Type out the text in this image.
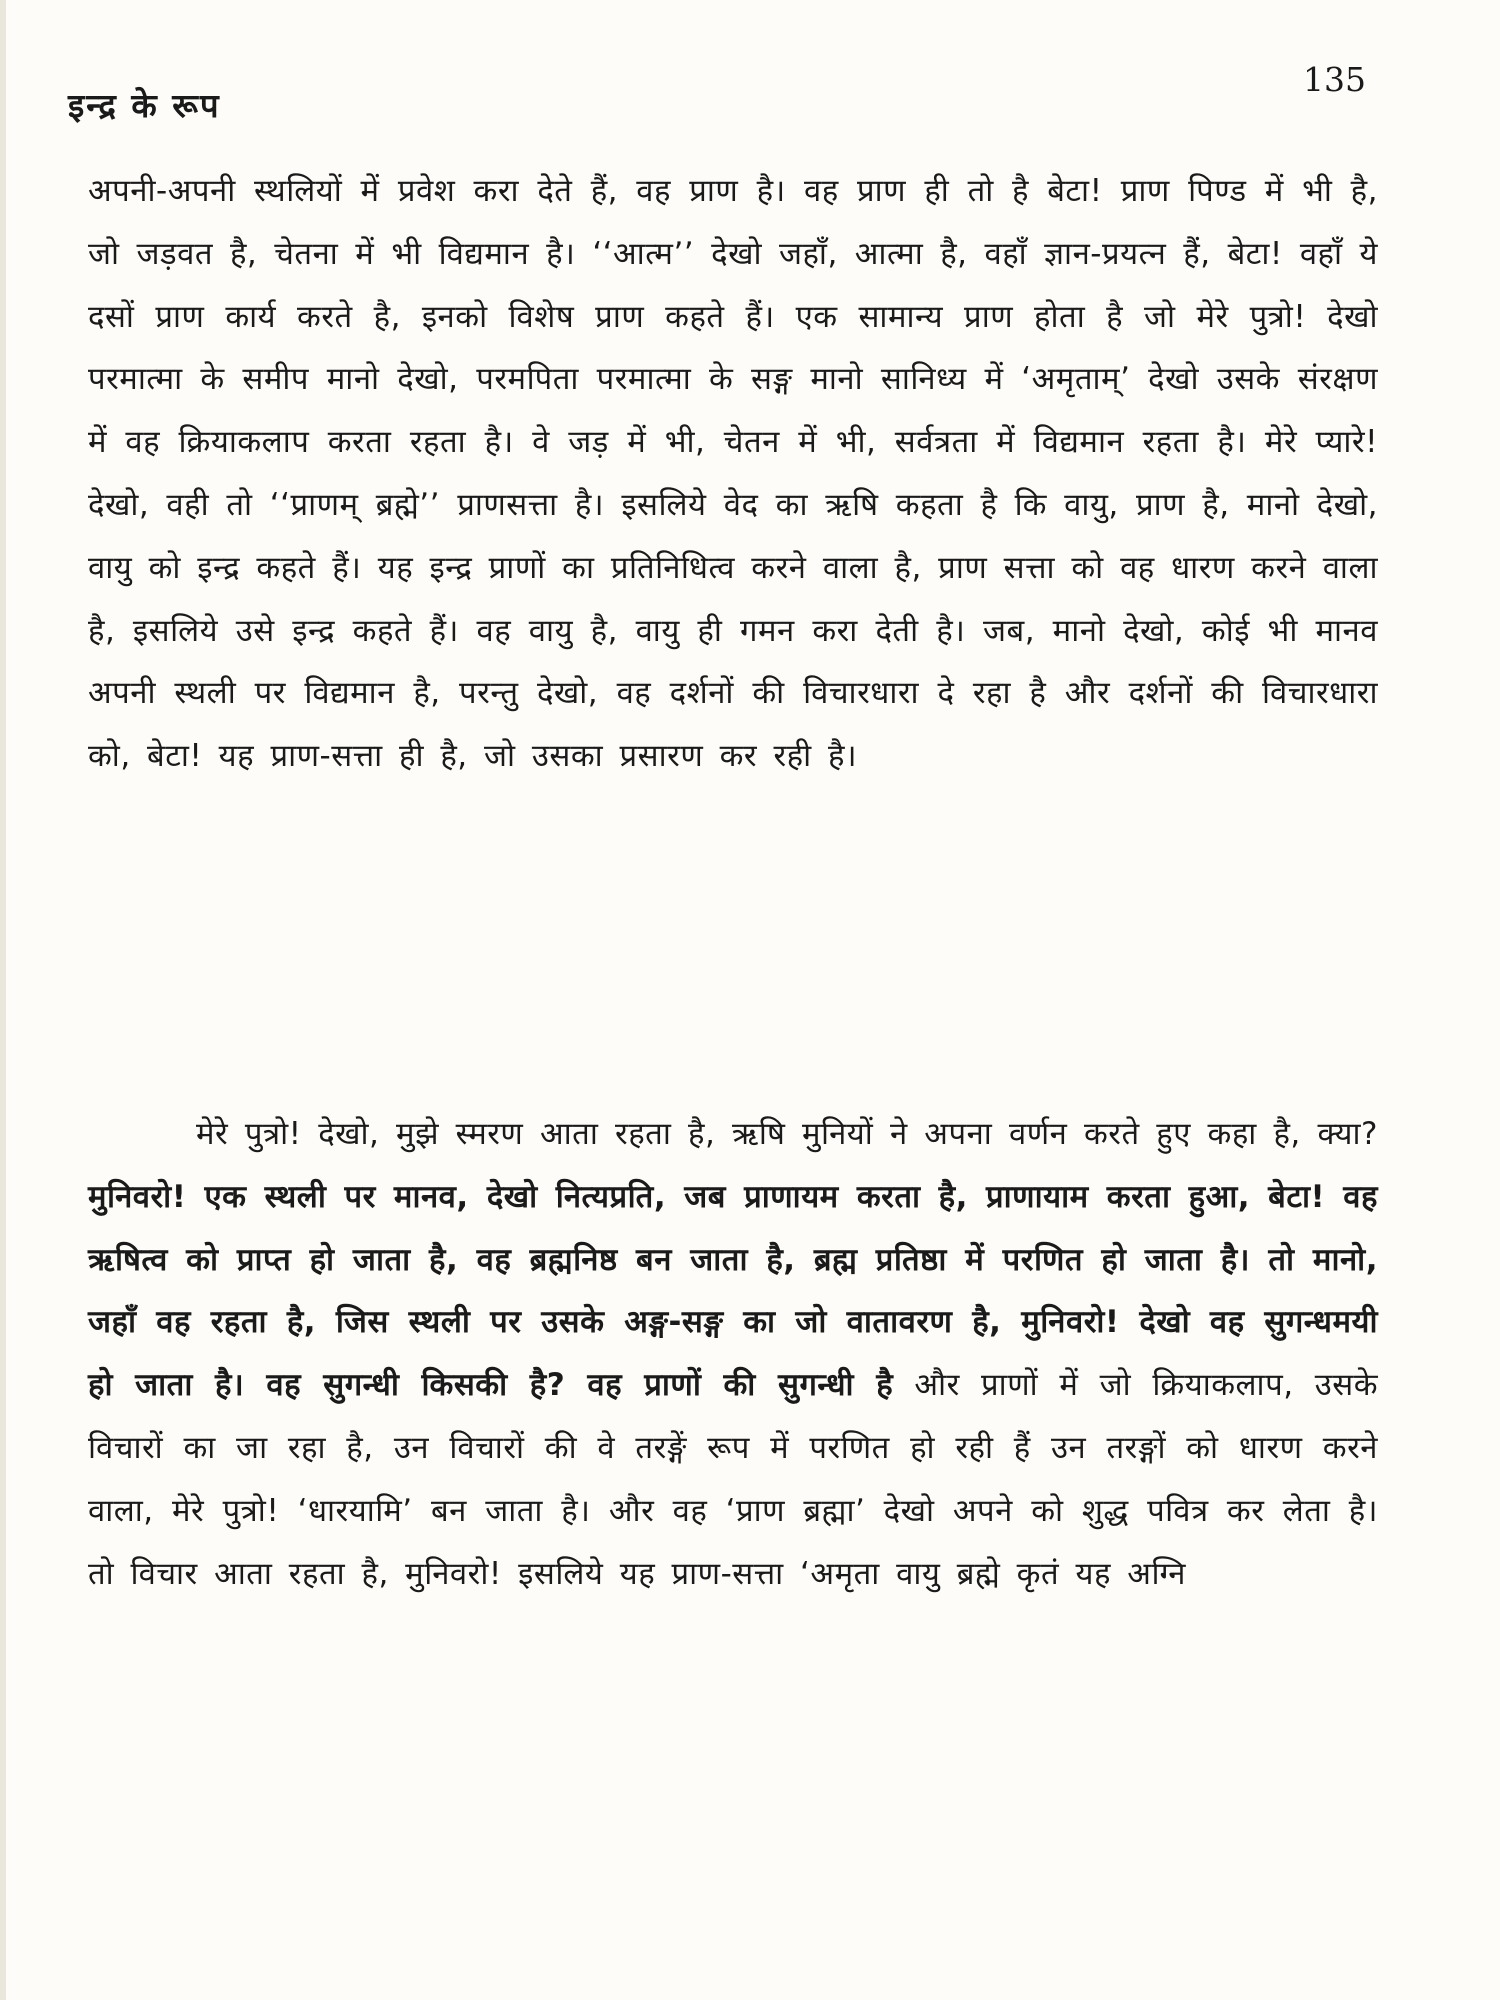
इन्द्र के रूप
135

अपनी-अपनी स्थलियों में प्रवेश करा देते हैं, वह प्राण है। वह प्राण ही तो है बेटा! प्राण पिण्ड में भी है, जो जड़वत है, चेतना में भी विद्यमान है। ‘‘आत्म’’ देखो जहाँ, आत्मा है, वहाँ ज्ञान-प्रयत्न हैं, बेटा! वहाँ ये दसों प्राण कार्य करते है, इनको विशेष प्राण कहते हैं। एक सामान्य प्राण होता है जो मेरे पुत्रो! देखो परमात्मा के समीप मानो देखो, परमपिता परमात्मा के सङ्ग मानो सानिध्य में ‘अमृताम्’ देखो उसके संरक्षण में वह क्रियाकलाप करता रहता है। वे जड़ में भी, चेतन में भी, सर्वत्रता में विद्यमान रहता है। मेरे प्यारे! देखो, वही तो ‘‘प्राणम् ब्रह्मे’’ प्राणसत्ता है। इसलिये वेद का ऋषि कहता है कि वायु, प्राण है, मानो देखो, वायु को इन्द्र कहते हैं। यह इन्द्र प्राणों का प्रतिनिधित्व करने वाला है, प्राण सत्ता को वह धारण करने वाला है, इसलिये उसे इन्द्र कहते हैं। वह वायु है, वायु ही गमन करा देती है। जब, मानो देखो, कोई भी मानव अपनी स्थली पर विद्यमान है, परन्तु देखो, वह दर्शनों की विचारधारा दे रहा है और दर्शनों की विचारधारा को, बेटा! यह प्राण-सत्ता ही है, जो उसका प्रसारण कर रही है।

मेरे पुत्रो! देखो, मुझे स्मरण आता रहता है, ऋषि मुनियों ने अपना वर्णन करते हुए कहा है, क्या? मुनिवरो! एक स्थली पर मानव, देखो नित्यप्रति, जब प्राणायम करता है, प्राणायाम करता हुआ, बेटा! वह ऋषित्व को प्राप्त हो जाता है, वह ब्रह्मनिष्ठ बन जाता है, ब्रह्म प्रतिष्ठा में परणित हो जाता है। तो मानो, जहाँ वह रहता है, जिस स्थली पर उसके अङ्ग-सङ्ग का जो वातावरण है, मुनिवरो! देखो वह सुगन्धमयी हो जाता है। वह सुगन्धी किसकी है? वह प्राणों की सुगन्धी है और प्राणों में जो क्रियाकलाप, उसके विचारों का जा रहा है, उन विचारों की वे तरङ्गें रूप में परणित हो रही हैं उन तरङ्गों को धारण करने वाला, मेरे पुत्रो! ‘धारयामि’ बन जाता है। और वह ‘प्राण ब्रह्मा’ देखो अपने को शुद्ध पवित्र कर लेता है। तो विचार आता रहता है, मुनिवरो! इसलिये यह प्राण-सत्ता ‘अमृता वायु ब्रह्मे कृतं यह अग्नि
